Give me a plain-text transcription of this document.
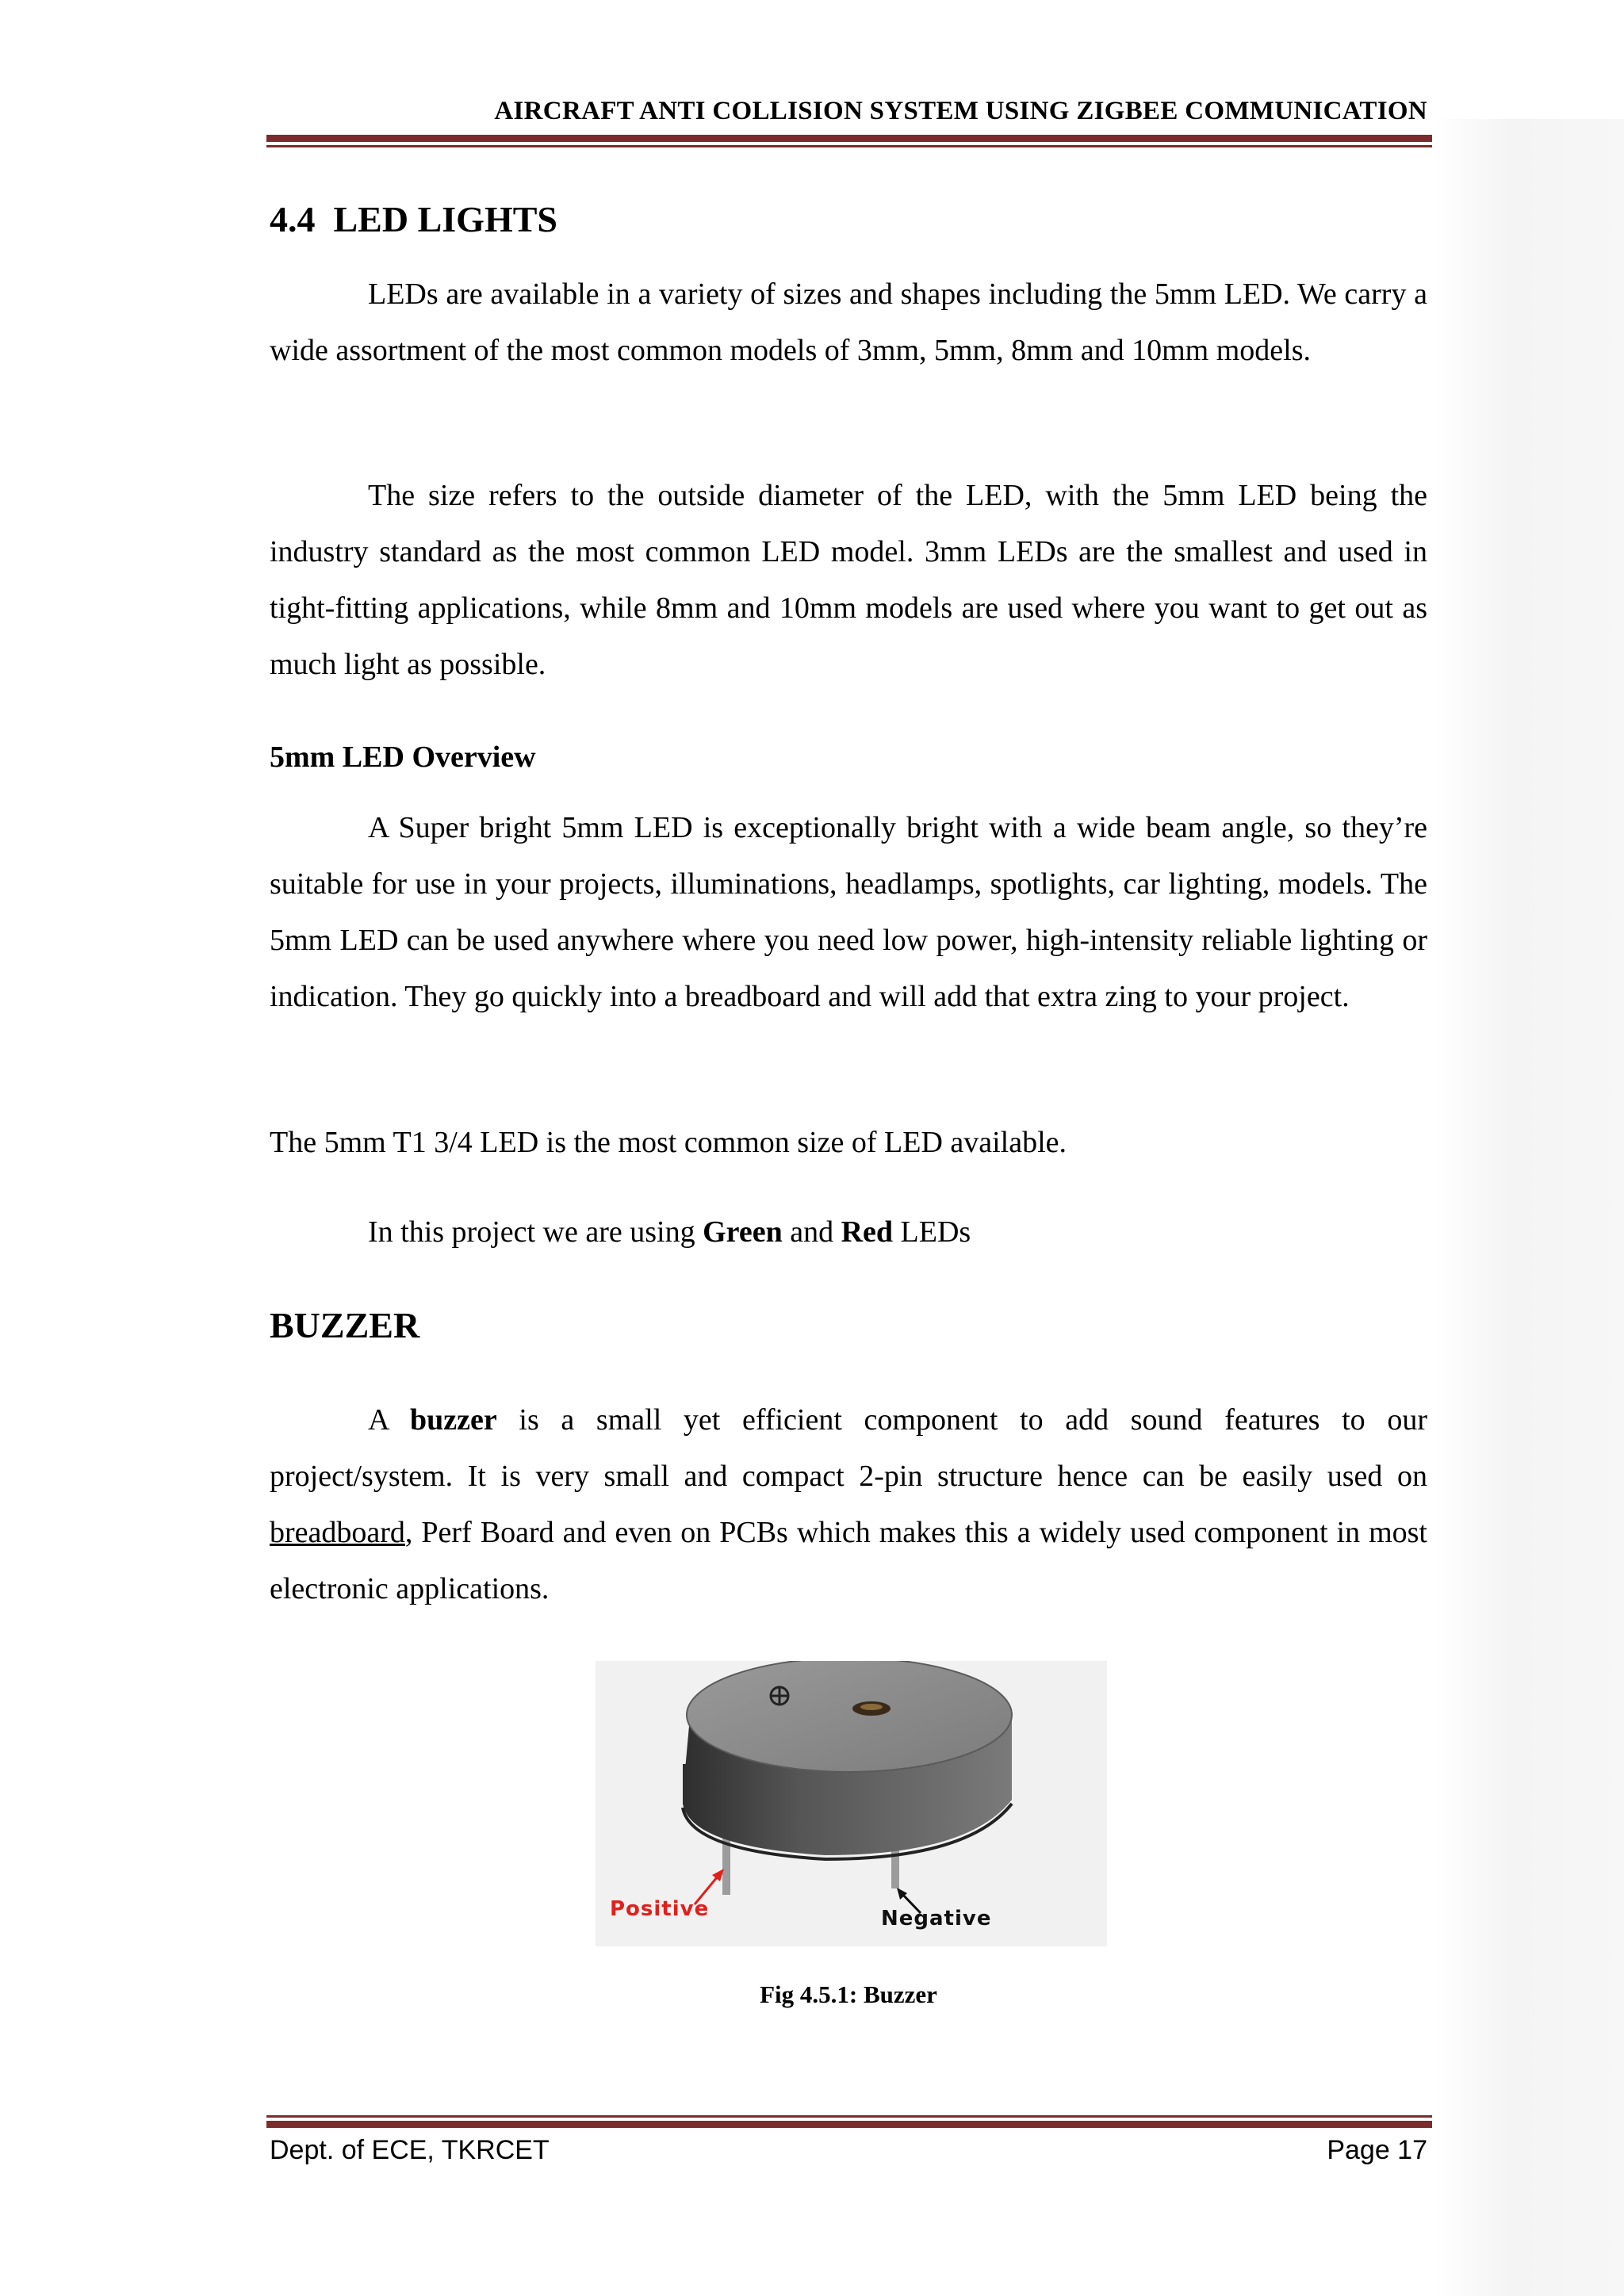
AIRCRAFT ANTI COLLISION SYSTEM USING ZIGBEE COMMUNICATION
4.4 LED LIGHTS

LEDs are available in a variety of sizes and shapes including the 5mm LED. We carry a wide assortment of the most common models of 3mm, 5mm, 8mm and 10mm models.

The size refers to the outside diameter of the LED, with the 5mm LED being the industry standard as the most common LED model. 3mm LEDs are the smallest and used in tight-fitting applications, while 8mm and 10mm models are used where you want to get out as much light as possible.

5mm LED Overview

A Super bright 5mm LED is exceptionally bright with a wide beam angle, so they’re suitable for use in your projects, illuminations, headlamps, spotlights, car lighting, models. The 5mm LED can be used anywhere where you need low power, high-intensity reliable lighting or indication. They go quickly into a breadboard and will add that extra zing to your project.

The 5mm T1 3/4 LED is the most common size of LED available.

In this project we are using Green and Red LEDs

BUZZER

A buzzer is a small yet efficient component to add sound features to our project/system. It is very small and compact 2-pin structure hence can be easily used on breadboard, Perf Board and even on PCBs which makes this a widely used component in most electronic applications.

Positive	Negative
Fig 4.5.1: Buzzer
Dept. of ECE, TKRCET	Page 17
